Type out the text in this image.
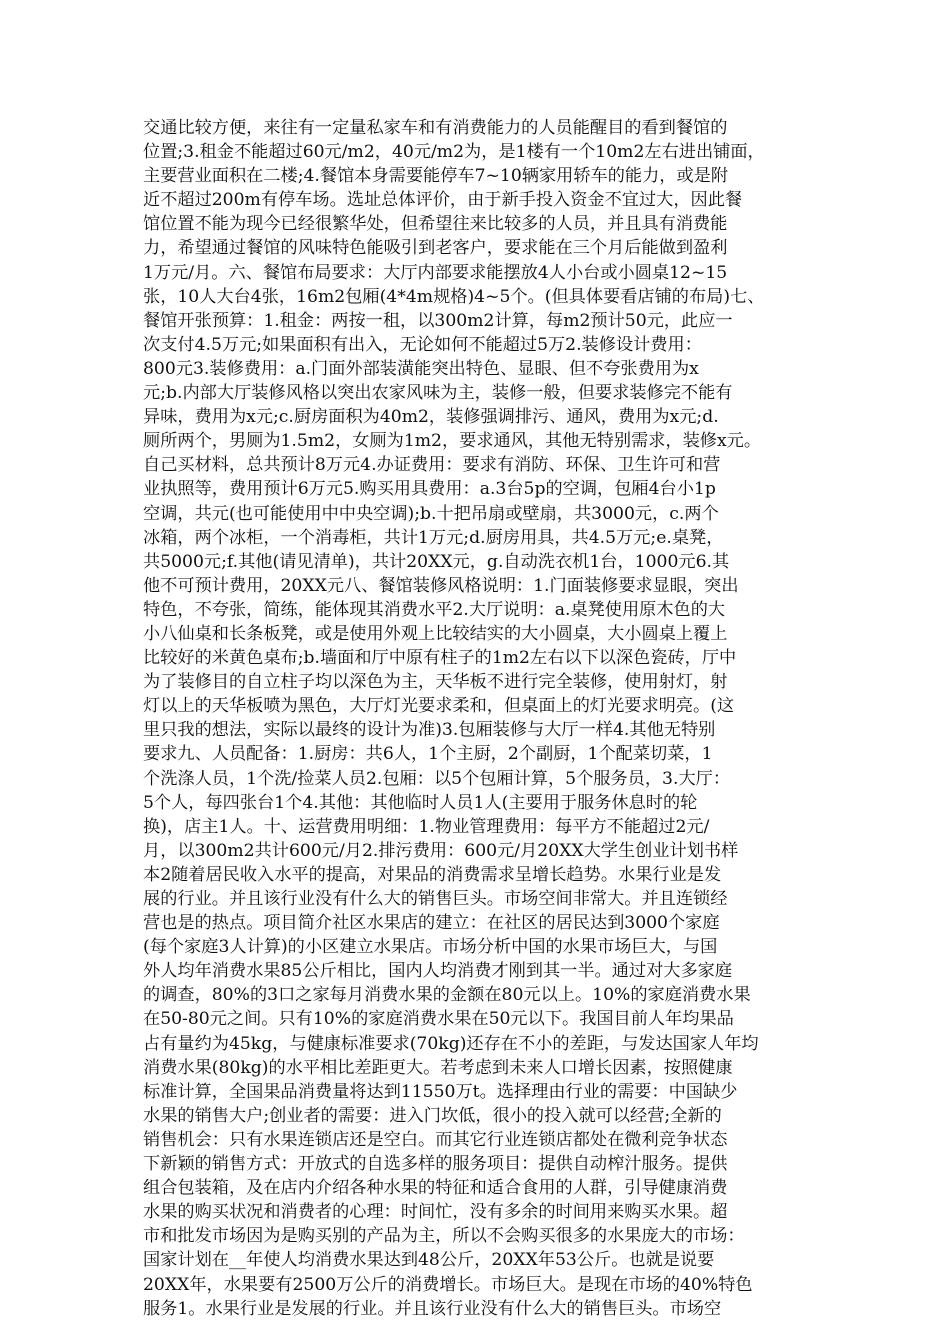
交通比较方便，来往有一定量私家车和有消费能力的人员能醒目的看到餐馆的
位置;3.租金不能超过60元/m2，40元/m2为，是1楼有一个10m2左右进出铺面，
主要营业面积在二楼;4.餐馆本身需要能停车7~10辆家用轿车的能力，或是附
近不超过200m有停车场。选址总体评价，由于新手投入资金不宜过大，因此餐
馆位置不能为现今已经很繁华处，但希望往来比较多的人员，并且具有消费能
力，希望通过餐馆的风味特色能吸引到老客户，要求能在三个月后能做到盈利
1万元/月。六、餐馆布局要求：大厅内部要求能摆放4人小台或小圆桌12~15
张，10人大台4张，16m2包厢(4*4m规格)4~5个。(但具体要看店铺的布局)七、
餐馆开张预算：1.租金：两按一租，以300m2计算，每m2预计50元，此应一
次支付4.5万元;如果面积有出入，无论如何不能超过5万2.装修设计费用：
800元3.装修费用：a.门面外部装潢能突出特色、显眼、但不夸张费用为x
元;b.内部大厅装修风格以突出农家风味为主，装修一般，但要求装修完不能有
异味，费用为x元;c.厨房面积为40m2，装修强调排污、通风，费用为x元;d.
厕所两个，男厕为1.5m2，女厕为1m2，要求通风，其他无特别需求，装修x元。
自己买材料，总共预计8万元4.办证费用：要求有消防、环保、卫生许可和营
业执照等，费用预计6万元5.购买用具费用：a.3台5p的空调，包厢4台小1p
空调，共元(也可能使用中中央空调);b.十把吊扇或壁扇，共3000元，c.两个
冰箱，两个冰柜，一个消毒柜，共计1万元;d.厨房用具，共4.5万元;e.桌凳，
共5000元;f.其他(请见清单)，共计20XX元，g.自动洗衣机1台，1000元6.其
他不可预计费用，20XX元八、餐馆装修风格说明：1.门面装修要求显眼，突出
特色，不夸张，简练，能体现其消费水平2.大厅说明：a.桌凳使用原木色的大
小八仙桌和长条板凳，或是使用外观上比较结实的大小圆桌，大小圆桌上覆上
比较好的米黄色桌布;b.墙面和厅中原有柱子的1m2左右以下以深色瓷砖，厅中
为了装修目的自立柱子均以深色为主，天华板不进行完全装修，使用射灯，射
灯以上的天华板喷为黑色，大厅灯光要求柔和，但桌面上的灯光要求明亮。(这
里只我的想法，实际以最终的设计为准)3.包厢装修与大厅一样4.其他无特别
要求九、人员配备：1.厨房：共6人，1个主厨，2个副厨，1个配菜切菜，1
个洗涤人员，1个洗/捡菜人员2.包厢：以5个包厢计算，5个服务员，3.大厅：
5个人，每四张台1个4.其他：其他临时人员1人(主要用于服务休息时的轮
换)，店主1人。十、运营费用明细：1.物业管理费用：每平方不能超过2元/
月，以300m2共计600元/月2.排污费用：600元/月20XX大学生创业计划书样
本2随着居民收入水平的提高，对果品的消费需求呈增长趋势。水果行业是发
展的行业。并且该行业没有什么大的销售巨头。市场空间非常大。并且连锁经
营也是的热点。项目简介社区水果店的建立：在社区的居民达到3000个家庭
(每个家庭3人计算)的小区建立水果店。市场分析中国的水果市场巨大，与国
外人均年消费水果85公斤相比，国内人均消费才刚到其一半。通过对大多家庭
的调查，80%的3口之家每月消费水果的金额在80元以上。10%的家庭消费水果
在50-80元之间。只有10%的家庭消费水果在50元以下。我国目前人年均果品
占有量约为45kg，与健康标准要求(70kg)还存在不小的差距，与发达国家人年均
消费水果(80kg)的水平相比差距更大。若考虑到未来人口增长因素，按照健康
标准计算，全国果品消费量将达到11550万t。选择理由行业的需要：中国缺少
水果的销售大户;创业者的需要：进入门坎低，很小的投入就可以经营;全新的
销售机会：只有水果连锁店还是空白。而其它行业连锁店都处在微利竞争状态
下新颖的销售方式：开放式的自选多样的服务项目：提供自动榨汁服务。提供
组合包装箱，及在店内介绍各种水果的特征和适合食用的人群，引导健康消费
水果的购买状况和消费者的心理：时间忙，没有多余的时间用来购买水果。超
市和批发市场因为是购买别的产品为主，所以不会购买很多的水果庞大的市场：
国家计划在__年使人均消费水果达到48公斤，20XX年53公斤。也就是说要
20XX年，水果要有2500万公斤的消费增长。市场巨大。是现在市场的40%特色
服务1。水果行业是发展的行业。并且该行业没有什么大的销售巨头。市场空
